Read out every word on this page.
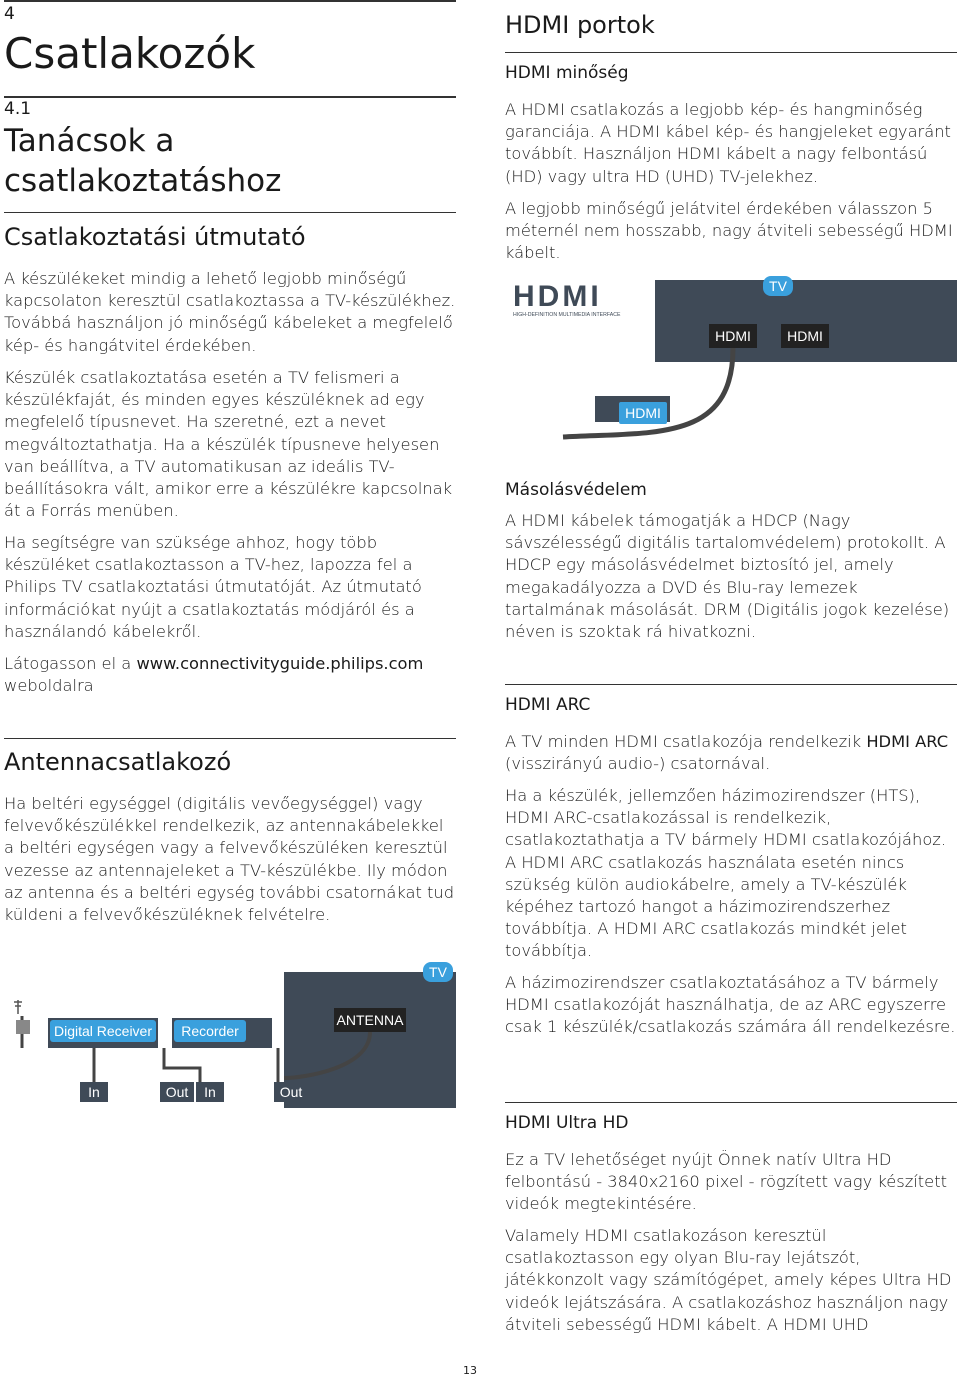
4
Csatlakozók
4.1
Tanácsok a
csatlakoztatáshoz
Csatlakoztatási útmutató

A készülékeket mindig a lehető legjobb minőségű kapcsolaton keresztül csatlakoztassa a TV-készülékhez. Továbbá használjon jó minőségű kábeleket a megfelelő kép- és hangátvitel érdekében.

Készülék csatlakoztatása esetén a TV felismeri a készülékfaját, és minden egyes készüléknek ad egy megfelelő típusnevet. Ha szeretné, ezt a nevet megváltoztathatja. Ha a készülék típusneve helyesen van beállítva, a TV automatikusan az ideális TV-beállításokra vált, amikor erre a készülékre kapcsolnak át a Forrás menüben.

Ha segítségre van szüksége ahhoz, hogy több készüléket csatlakoztasson a TV-hez, lapozza fel a Philips TV csatlakoztatási útmutatóját. Az útmutató információkat nyújt a csatlakoztatás módjáról és a használandó kábelekről.

Látogasson el a www.connectivityguide.philips.com
weboldalra

Antennacsatlakozó

Ha beltéri egységgel (digitális vevőegységgel) vagy felvevőkészülékkel rendelkezik, az antennakábelekkel a beltéri egységen vagy a felvevőkészüléken keresztül vezesse az antennajeleket a TV-készülékbe. Ily módon az antenna és a beltéri egység további csatornákat tud küldeni a felvevőkészüléknek felvételre.

TV
ANTENNA
Digital Receiver Recorder
In	Out In	Out
HDMI portok
HDMI minőség

A HDMI csatlakozás a legjobb kép- és hangminőség garanciája. A HDMI kábel kép- és hangjeleket egyaránt továbbít. Használjon HDMI kábelt a nagy felbontású (HD) vagy ultra HD (UHD) TV-jelekhez.

A legjobb minőségű jelátvitel érdekében válasszon 5 méternél nem hosszabb, nagy átviteli sebességű HDMI kábelt.

HDMI
HIGH-DEFINITION MULTIMEDIA INTERFACE
TV
HDMI	HDMI
HDMI
Másolásvédelem

A HDMI kábelek támogatják a HDCP (Nagy sávszélességű digitális tartalomvédelem) protokollt. A HDCP egy másolásvédelmet biztosító jel, amely megakadályozza a DVD és Blu-ray lemezek tartalmának másolását. DRM (Digitális jogok kezelése) néven is szoktak rá hivatkozni.

HDMI ARC

A TV minden HDMI csatlakozója rendelkezik HDMI ARC (visszirányú audio-) csatornával.

Ha a készülék, jellemzően házimozirendszer (HTS), HDMI ARC-csatlakozással is rendelkezik, csatlakoztathatja a TV bármely HDMI csatlakozójához. A HDMI ARC csatlakozás használata esetén nincs szükség külön audiokábelre, amely a TV-készülék képéhez tartozó hangot a házimozirendszerhez továbbítja. A HDMI ARC csatlakozás mindkét jelet továbbítja.

A házimozirendszer csatlakoztatásához a TV bármely HDMI csatlakozóját használhatja, de az ARC egyszerre csak 1 készülék/csatlakozás számára áll rendelkezésre.

HDMI Ultra HD

Ez a TV lehetőséget nyújt Önnek natív Ultra HD felbontású - 3840x2160 pixel - rögzített vagy készített videók megtekintésére.

Valamely HDMI csatlakozáson keresztül csatlakoztasson egy olyan Blu-ray lejátszót, játékkonzolt vagy számítógépet, amely képes Ultra HD videók lejátszására. A csatlakozáshoz használjon nagy átviteli sebességű HDMI kábelt. A HDMI UHD

13
